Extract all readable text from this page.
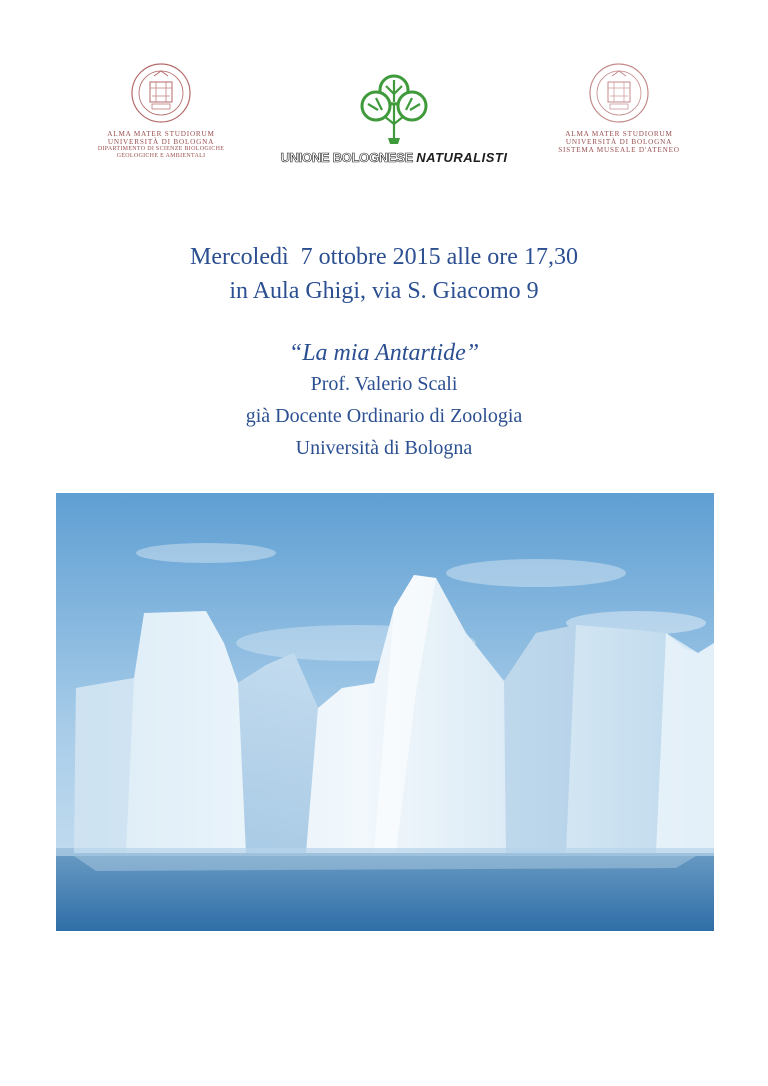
ALMA MATER STUDIORUM
UNIVERSITÀ DI BOLOGNA
DIPARTIMENTO DI SCIENZE BIOLOGICHE
GEOLOGICHE E AMBIENTALI	UNIONE BOLOGNESE NATURALISTI
ALMA MATER STUDIORUM
UNIVERSITÀ DI BOLOGNA
SISTEMA MUSEALE D'ATENEO
Mercoledì  7 ottobre 2015 alle ore 17,30
in Aula Ghigi, via S. Giacomo 9
“La mia Antartide”
Prof. Valerio Scali
già Docente Ordinario di Zoologia
Università di Bologna
